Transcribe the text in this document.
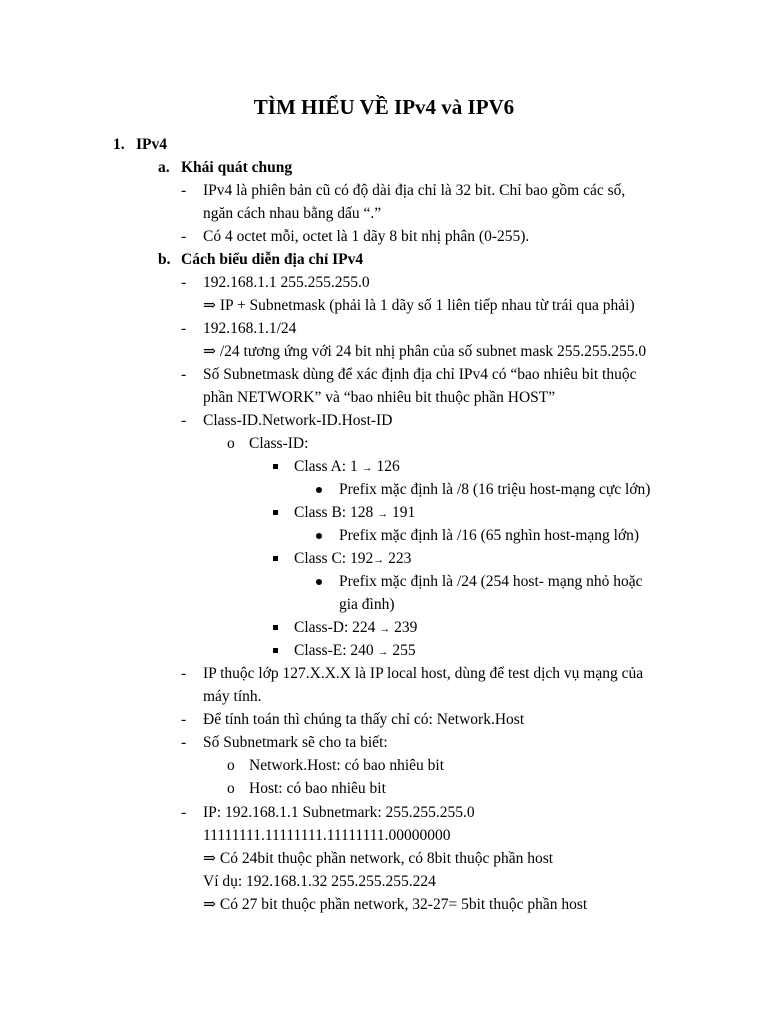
TÌM HIỂU VỀ IPv4 và IPV6
1. IPv4
a. Khái quát chung
- IPv4 là phiên bản cũ có độ dài địa chỉ là 32 bit. Chỉ bao gồm các số,
ngăn cách nhau bằng dấu “.”
- Có 4 octet mỗi, octet là 1 dãy 8 bit nhị phân (0-255).
b. Cách biểu diễn địa chỉ IPv4
- 192.168.1.1 255.255.255.0
⇒ IP + Subnetmask (phải là 1 dãy số 1 liên tiếp nhau từ trái qua phải)
- 192.168.1.1/24
⇒ /24 tương ứng với 24 bit nhị phân của số subnet mask 255.255.255.0
- Số Subnetmask dùng để xác định địa chỉ IPv4 có “bao nhiêu bit thuộc
phần NETWORK” và “bao nhiêu bit thuộc phần HOST”
- Class-ID.Network-ID.Host-ID
o Class-ID:
Class A: 1 → 126
Prefix mặc định là /8 (16 triệu host-mạng cực lớn)
Class B: 128 → 191
Prefix mặc định là /16 (65 nghìn host-mạng lớn)
Class C: 192→ 223
Prefix mặc định là /24 (254 host- mạng nhỏ hoặc
gia đình)
Class-D: 224 → 239
Class-E: 240 → 255
- IP thuộc lớp 127.X.X.X là IP local host, dùng để test dịch vụ mạng của
máy tính.
- Để tính toán thì chúng ta thấy chỉ có: Network.Host
- Số Subnetmark sẽ cho ta biết:
o Network.Host: có bao nhiêu bit
o Host: có bao nhiêu bit
- IP: 192.168.1.1 Subnetmark: 255.255.255.0
11111111.11111111.11111111.00000000
⇒ Có 24bit thuộc phần network, có 8bit thuộc phần host
Ví dụ: 192.168.1.32 255.255.255.224
⇒ Có 27 bit thuộc phần network, 32-27= 5bit thuộc phần host
